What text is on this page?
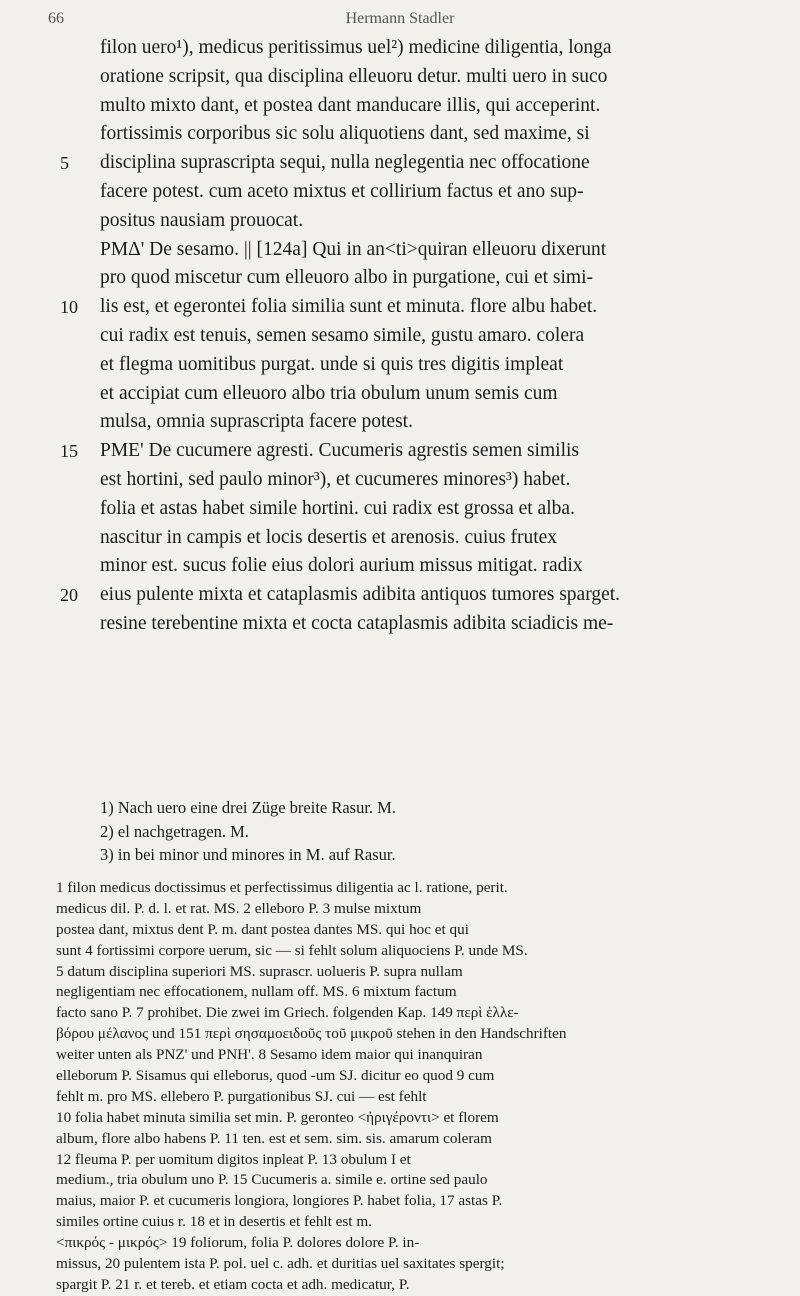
66	Hermann Stadler
filon uero¹), medicus peritissimus uel²) medicine diligentia, longa
oratione scripsit, qua disciplina elleuoru detur. multi uero in suco
multo mixto dant, et postea dant manducare illis, qui acceperint.
fortissimis corporibus sic solu aliquotiens dant, sed maxime, si
5	disciplina suprascripta sequi, nulla neglegentia nec offocatione
facere potest. cum aceto mixtus et collirium factus et ano sup-
positus nausiam prouocat.
PMΔ' De sesamo. || [124a] Qui in an<ti>quiran elleuoru dixerunt
pro quod miscetur cum elleuoro albo in purgatione, cui et simi-
10	lis est, et egerontei folia similia sunt et minuta. flore albu habet.
cui radix est tenuis, semen sesamo simile, gustu amaro. colera
et flegma uomitibus purgat. unde si quis tres digitis impleat
et accipiat cum elleuoro albo tria obulum unum semis cum
mulsa, omnia suprascripta facere potest.
15	PME' De cucumere agresti. Cucumeris agrestis semen similis
est hortini, sed paulo minor³), et cucumeres minores³) habet.
folia et astas habet simile hortini. cui radix est grossa et alba.
nascitur in campis et locis desertis et arenosis. cuius frutex
minor est. sucus folie eius dolori aurium missus mitigat. radix
20	eius pulente mixta et cataplasmis adibita antiquos tumores sparget.
resine terebentine mixta et cocta cataplasmis adibita sciadicis me-
1) Nach uero eine drei Züge breite Rasur. M.
2) el nachgetragen. M.
3) in bei minor und minores in M. auf Rasur.
1 filon medicus doctissimus et perfectissimus diligentia ac l. ratione, perit.
medicus dil. P. d. l. et rat. MS. 2 elleboro P. 3 mulse mixtum
postea dant, mixtus dent P. m. dant postea dantes MS. qui hoc et qui
sunt 4 fortissimi corpore uerum, sic — si fehlt solum aliquociens P. unde MS.
5 datum disciplina superiori MS. suprascr. uolueris P. supra nullam
negligentiam nec effocationem, nullam off. MS. 6 mixtum factum
facto sano P. 7 prohibet. Die zwei im Griech. folgenden Kap. 149 περὶ ἑλλε-
βόρου μέλανος und 151 περὶ σησαμοειδοῦς τοῦ μικροῦ stehen in den Handschriften
weiter unten als PNZ' und PNH'. 8 Sesamo idem maior qui inanquiran
elleborum P. Sisamus qui elleborus, quod -um SJ. dicitur eo quod 9 cum
fehlt m. pro MS. ellebero P. purgationibus SJ. cui — est fehlt
10 folia habet minuta similia set min. P. geronteo <ἠριγέροντι> et florem
album, flore albo habens P. 11 ten. est et sem. sim. sis. amarum coleram
12 fleuma P. per uomitum digitos inpleat P. 13 obulum I et
medium., tria obulum uno P. 15 Cucumeris a. simile e. ortine sed paulo
maius, maior P. et cucumeris longiora, longiores P. habet folia, 17 astas P.
similes ortine cuius r. 18 et in desertis et fehlt est m.
<πικρός - μικρός> 19 foliorum, folia P. dolores dolore P. in-
missus, 20 pulentem ista P. pol. uel c. adh. et duritias uel saxitates spergit;
spargit P. 21 r. et tereb. et etiam cocta et adh. medicatur, P.
